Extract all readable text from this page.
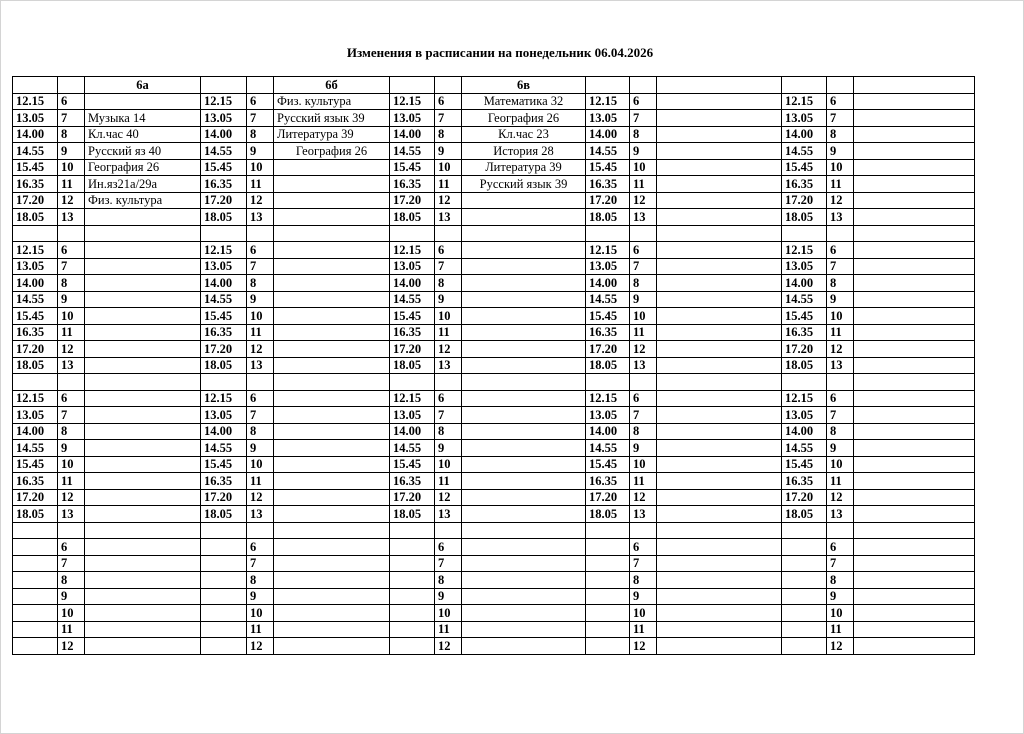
Изменения в расписании на понедельник 06.04.2026
		6а			6б			6в						
12.15	6		12.15	6	Физ. культура	12.15	6	Математика 32	12.15	6		12.15	6	
13.05	7	Музыка 14	13.05	7	Русский язык 39	13.05	7	География 26	13.05	7		13.05	7	
14.00	8	Кл.час 40	14.00	8	Литература 39	14.00	8	Кл.час 23	14.00	8		14.00	8	
14.55	9	Русский яз 40	14.55	9	География 26	14.55	9	История 28	14.55	9		14.55	9	
15.45	10	География 26	15.45	10		15.45	10	Литература 39	15.45	10		15.45	10	
16.35	11	Ин.яз21а/29а	16.35	11		16.35	11	Русский язык 39	16.35	11		16.35	11	
17.20	12	Физ. культура	17.20	12		17.20	12		17.20	12		17.20	12	
18.05	13		18.05	13		18.05	13		18.05	13		18.05	13	

12.15	6		12.15	6		12.15	6		12.15	6		12.15	6	
13.05	7		13.05	7		13.05	7		13.05	7		13.05	7	
14.00	8		14.00	8		14.00	8		14.00	8		14.00	8	
14.55	9		14.55	9		14.55	9		14.55	9		14.55	9	
15.45	10		15.45	10		15.45	10		15.45	10		15.45	10	
16.35	11		16.35	11		16.35	11		16.35	11		16.35	11	
17.20	12		17.20	12		17.20	12		17.20	12		17.20	12	
18.05	13		18.05	13		18.05	13		18.05	13		18.05	13	

12.15	6		12.15	6		12.15	6		12.15	6		12.15	6	
13.05	7		13.05	7		13.05	7		13.05	7		13.05	7	
14.00	8		14.00	8		14.00	8		14.00	8		14.00	8	
14.55	9		14.55	9		14.55	9		14.55	9		14.55	9	
15.45	10		15.45	10		15.45	10		15.45	10		15.45	10	
16.35	11		16.35	11		16.35	11		16.35	11		16.35	11	
17.20	12		17.20	12		17.20	12		17.20	12		17.20	12	
18.05	13		18.05	13		18.05	13		18.05	13		18.05	13	

	6			6			6			6			6	
	7			7			7			7			7	
	8			8			8			8			8	
	9			9			9			9			9	
	10			10			10			10			10	
	11			11			11			11			11	
	12			12			12			12			12	
